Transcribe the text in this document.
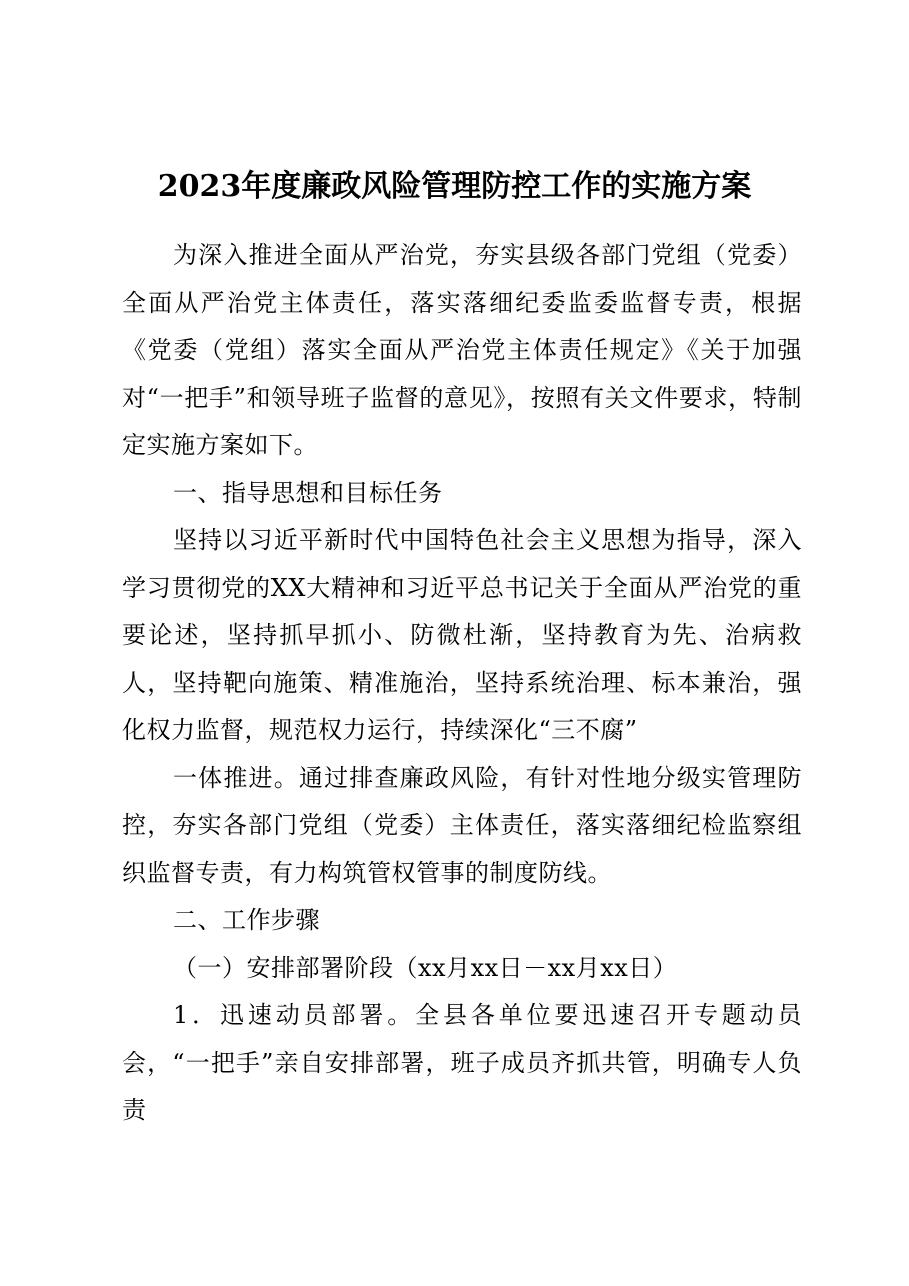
2023年度廉政风险管理防控工作的实施方案

为深入推进全面从严治党，夯实县级各部门党组（党委）全面从严治党主体责任，落实落细纪委监委监督专责，根据《党委（党组）落实全面从严治党主体责任规定》《关于加强对“一把手”和领导班子监督的意见》，按照有关文件要求，特制定实施方案如下。

一、指导思想和目标任务

坚持以习近平新时代中国特色社会主义思想为指导，深入学习贯彻党的XX大精神和习近平总书记关于全面从严治党的重要论述，坚持抓早抓小、防微杜渐，坚持教育为先、治病救人，坚持靶向施策、精准施治，坚持系统治理、标本兼治，强化权力监督，规范权力运行，持续深化“三不腐”

一体推进。通过排查廉政风险，有针对性地分级实管理防控，夯实各部门党组（党委）主体责任，落实落细纪检监察组织监督专责，有力构筑管权管事的制度防线。

二、工作步骤

（一）安排部署阶段（xx月xx日－xx月xx日）

1．迅速动员部署。全县各单位要迅速召开专题动员会，“一把手”亲自安排部署，班子成员齐抓共管，明确专人负责
